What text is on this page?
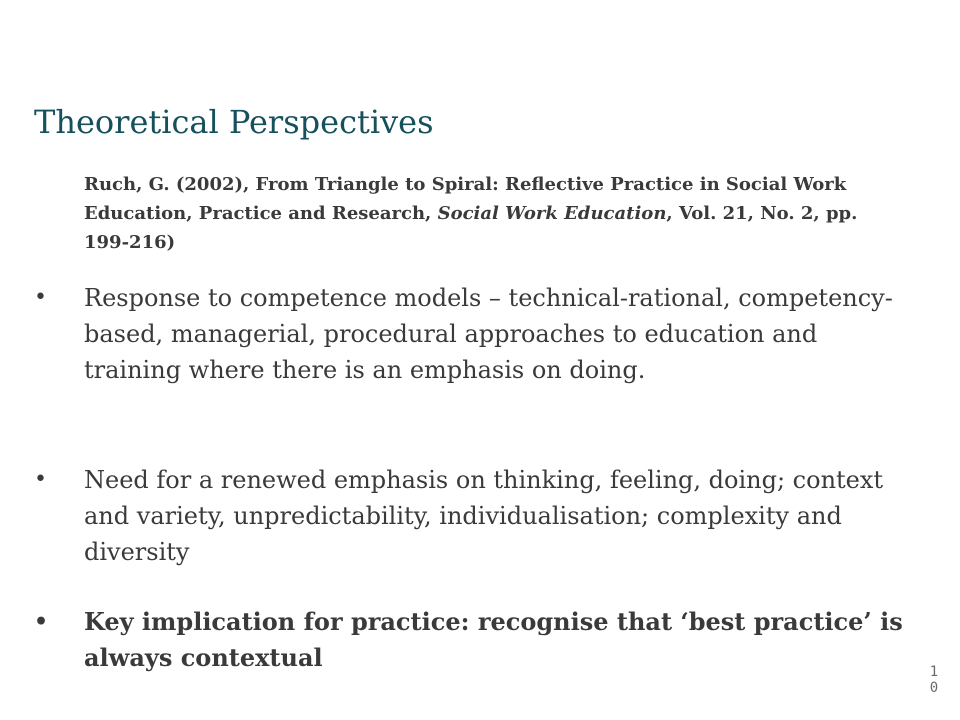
Theoretical Perspectives
Ruch, G. (2002), From Triangle to Spiral: Reflective Practice in Social Work Education, Practice and Research, Social Work Education, Vol. 21, No. 2, pp. 199-216)
•	Response to competence models – technical-rational, competency-based, managerial, procedural approaches to education and training where there is an emphasis on doing.
•	Need for a renewed emphasis on thinking, feeling, doing; context and variety, unpredictability, individualisation; complexity and diversity
•	Key implication for practice: recognise that ‘best practice’ is always contextual	10
